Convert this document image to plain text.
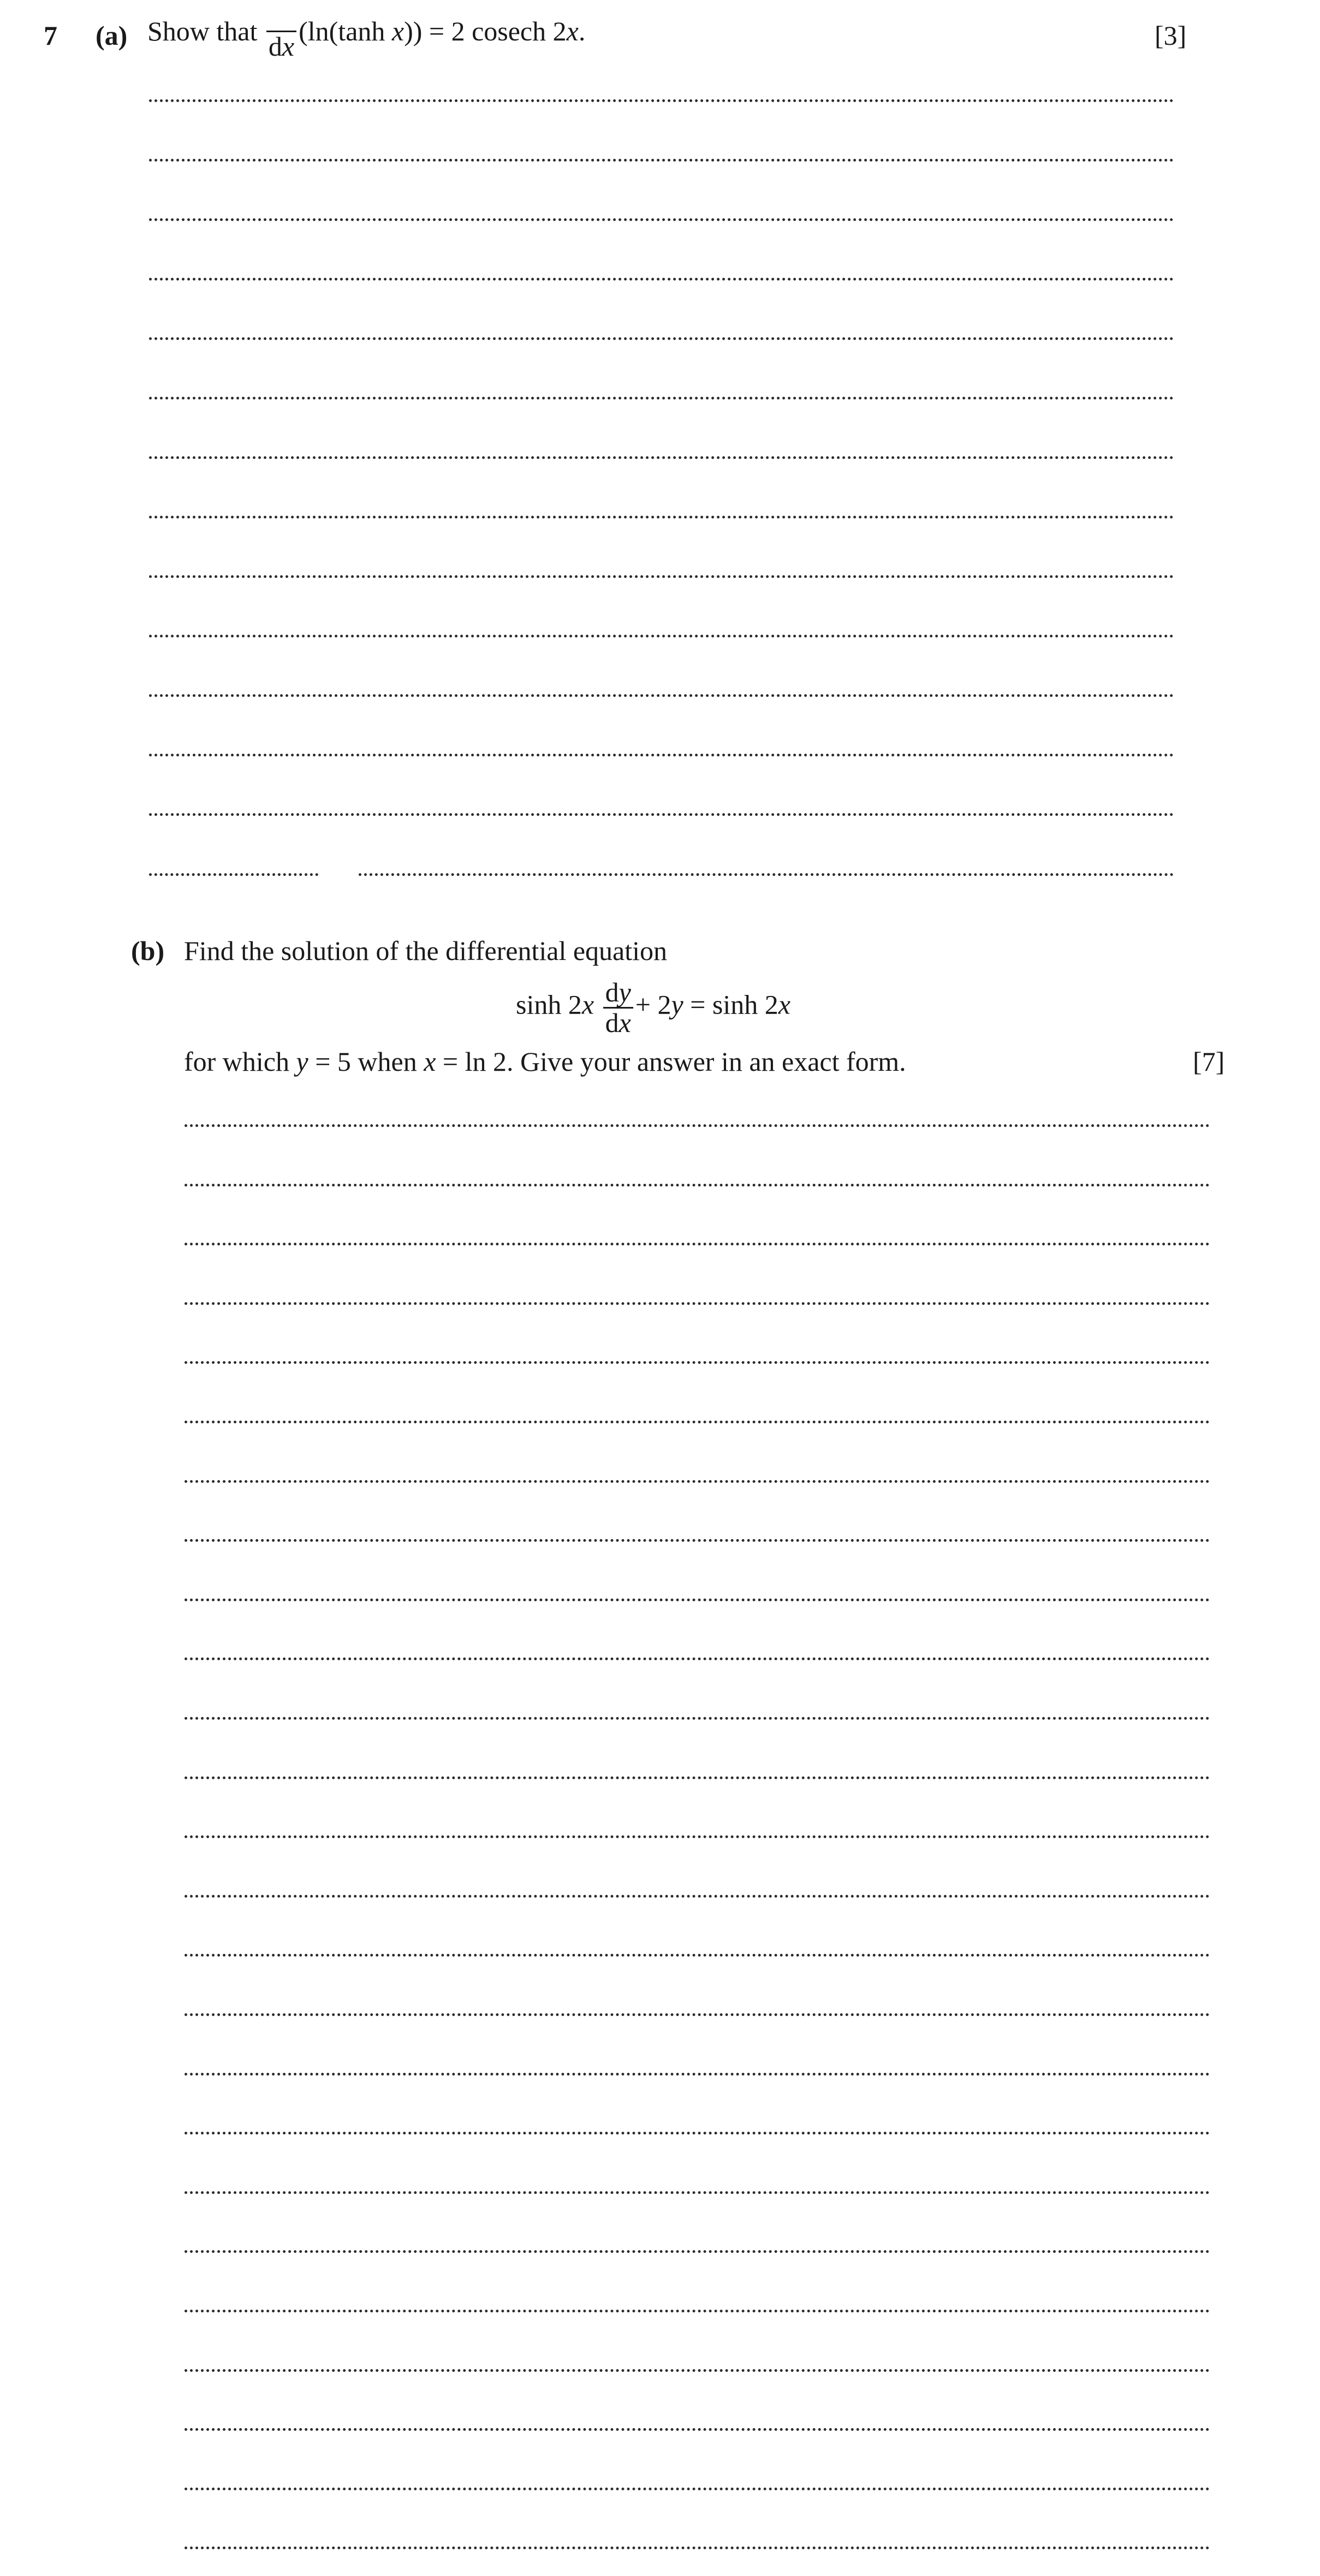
7 (a) Show that dx (ln(tanh x)) = 2 cosech 2x.	[3]
(b) Find the solution of the differential equation
$\sinh 2x \frac{dy}{dx} + 2y = \sinh 2x$
for which y = 5 when x = ln 2. Give your answer in an exact form.	[7]
